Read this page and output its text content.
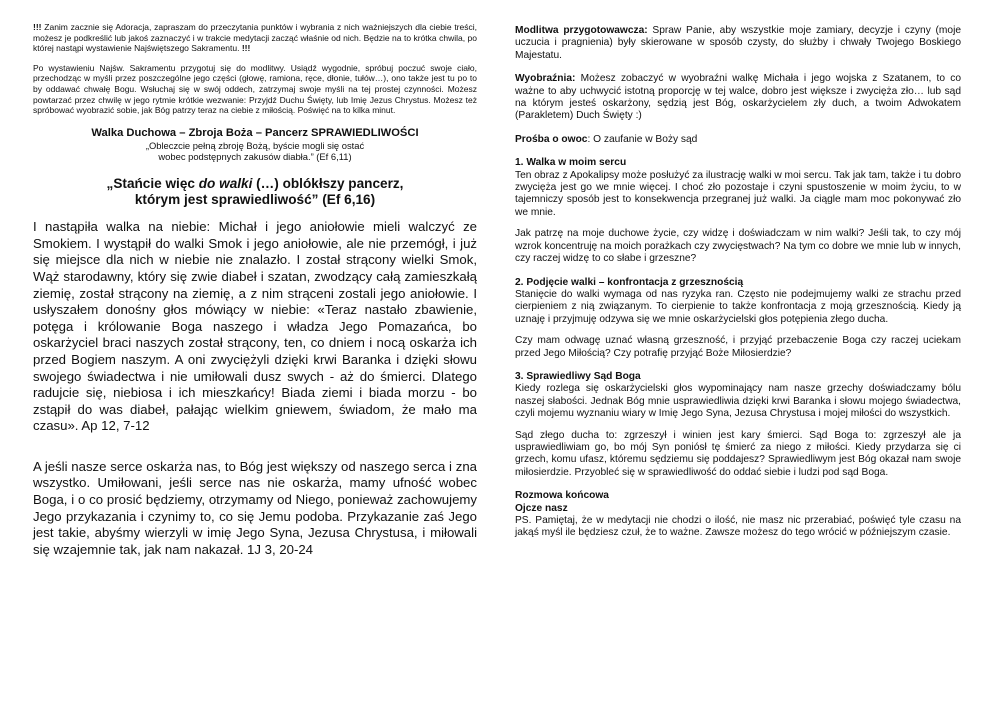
!!! Zanim zacznie się Adoracja, zapraszam do przeczytania punktów i wybrania z nich ważniejszych dla ciebie treści, możesz je podkreślić lub jakoś zaznaczyć i w trakcie medytacji zacząć właśnie od nich. Będzie na to krótka chwila, po której nastąpi wystawienie Najświętszego Sakramentu. !!!

Po wystawieniu Najśw. Sakramentu przygotuj się do modlitwy. Usiądź wygodnie, spróbuj poczuć swoje ciało, przechodząc w myśli przez poszczególne jego części (głowę, ramiona, ręce, dłonie, tułów…), ono także jest tu po to by oddawać chwałę Bogu. Wsłuchaj się w swój oddech, zatrzymaj swoje myśli na tej prostej czynności. Możesz powtarzać przez chwilę w jego rytmie krótkie wezwanie: Przyjdź Duchu Święty, lub Imię Jezus Chrystus. Możesz też spróbować wyobrazić sobie, jak Bóg patrzy teraz na ciebie z miłością. Poświęć na to kilka minut.

Walka Duchowa – Zbroja Boża – Pancerz SPRAWIEDLIWOŚCI
„Obleczcie pełną zbroję Bożą, byście mogli się ostać
wobec podstępnych zakusów diabła.” (Ef 6,11)
„Stańcie więc do walki (…) oblókłszy pancerz,
którym jest sprawiedliwość” (Ef 6,16)

I nastąpiła walka na niebie: Michał i jego aniołowie mieli walczyć ze Smokiem. I wystąpił do walki Smok i jego aniołowie, ale nie przemógł, i już się miejsce dla nich w niebie nie znalazło. I został strącony wielki Smok, Wąż starodawny, który się zwie diabeł i szatan, zwodzący całą zamieszkałą ziemię, został strącony na ziemię, a z nim strąceni zostali jego aniołowie. I usłyszałem donośny głos mówiący w niebie: «Teraz nastało zbawienie, potęga i królowanie Boga naszego i władza Jego Pomazańca, bo oskarżyciel braci naszych został strącony, ten, co dniem i nocą oskarża ich przed Bogiem naszym. A oni zwyciężyli dzięki krwi Baranka i dzięki słowu swojego świadectwa i nie umiłowali dusz swych - aż do śmierci. Dlatego radujcie się, niebiosa i ich mieszkańcy! Biada ziemi i biada morzu - bo zstąpił do was diabeł, pałając wielkim gniewem, świadom, że mało ma czasu». Ap 12, 7-12

A jeśli nasze serce oskarża nas, to Bóg jest większy od naszego serca i zna wszystko. Umiłowani, jeśli serce nas nie oskarża, mamy ufność wobec Boga, i o co prosić będziemy, otrzymamy od Niego, ponieważ zachowujemy Jego przykazania i czynimy to, co się Jemu podoba. Przykazanie zaś Jego jest takie, abyśmy wierzyli w imię Jego Syna, Jezusa Chrystusa, i miłowali się wzajemnie tak, jak nam nakazał. 1J 3, 20-24

Modlitwa przygotowawcza: Spraw Panie, aby wszystkie moje zamiary, decyzje i czyny (moje uczucia i pragnienia) były skierowane w sposób czysty, do służby i chwały Twojego Boskiego Majestatu.

Wyobraźnia: Możesz zobaczyć w wyobraźni walkę Michała i jego wojska z Szatanem, to co ważne to aby uchwycić istotną proporcję w tej walce, dobro jest większe i zwycięża zło… lub sąd na którym jesteś oskarżony, sędzią jest Bóg, oskarżycielem zły duch, a twoim Adwokatem (Parakletem) Duch Święty :)

Prośba o owoc: O zaufanie w Boży sąd

1. Walka w moim sercu

Ten obraz z Apokalipsy może posłużyć za ilustrację walki w moi sercu. Tak jak tam, także i tu dobro zwycięża jest go we mnie więcej. I choć zło pozostaje i czyni spustoszenie w moim życiu, to w tajemniczy sposób jest to konsekwencja przegranej już walki. Ja ciągle mam moc pokonywać zło we mnie.

Jak patrzę na moje duchowe życie, czy widzę i doświadczam w nim walki? Jeśli tak, to czy mój wzrok koncentruję na moich porażkach czy zwycięstwach? Na tym co dobre we mnie lub w innych, czy raczej widzę to co słabe i grzeszne?

2. Podjęcie walki – konfrontacja z grzesznością

Stanięcie do walki wymaga od nas ryzyka ran. Często nie podejmujemy walki ze strachu przed cierpieniem z nią związanym. To cierpienie to także konfrontacja z moją grzesznością. Kiedy ją uznaję i przyjmuję odzywa się we mnie oskarżycielski głos potępienia złego ducha.

Czy mam odwagę uznać własną grzeszność, i przyjąć przebaczenie Boga czy raczej uciekam przed Jego Miłością? Czy potrafię przyjąć Boże Miłosierdzie?

3. Sprawiedliwy Sąd Boga

Kiedy rozlega się oskarżycielski głos wypominający nam nasze grzechy doświadczamy bólu naszej słabości. Jednak Bóg mnie usprawiedliwia dzięki krwi Baranka i słowu mojego świadectwa, czyli mojemu wyznaniu wiary w Imię Jego Syna, Jezusa Chrystusa i mojej miłości do wszystkich.

Sąd złego ducha to: zgrzeszył i winien jest kary śmierci. Sąd Boga to: zgrzeszył ale ja usprawiedliwiam go, bo mój Syn poniósł tę śmierć za niego z miłości. Kiedy przydarza się ci grzech, komu ufasz, któremu sędziemu się poddajesz? Sprawiedliwym jest Bóg okazał nam swoje miłosierdzie. Przyobleć się w sprawiedliwość do oddać siebie i ludzi pod sąd Boga.

Rozmowa końcowa

Ojcze nasz

PS. Pamiętaj, że w medytacji nie chodzi o ilość, nie masz nic przerabiać, poświęć tyle czasu na jakąś myśl ile będziesz czuł, że to ważne. Zawsze możesz do tego wrócić w późniejszym czasie.
